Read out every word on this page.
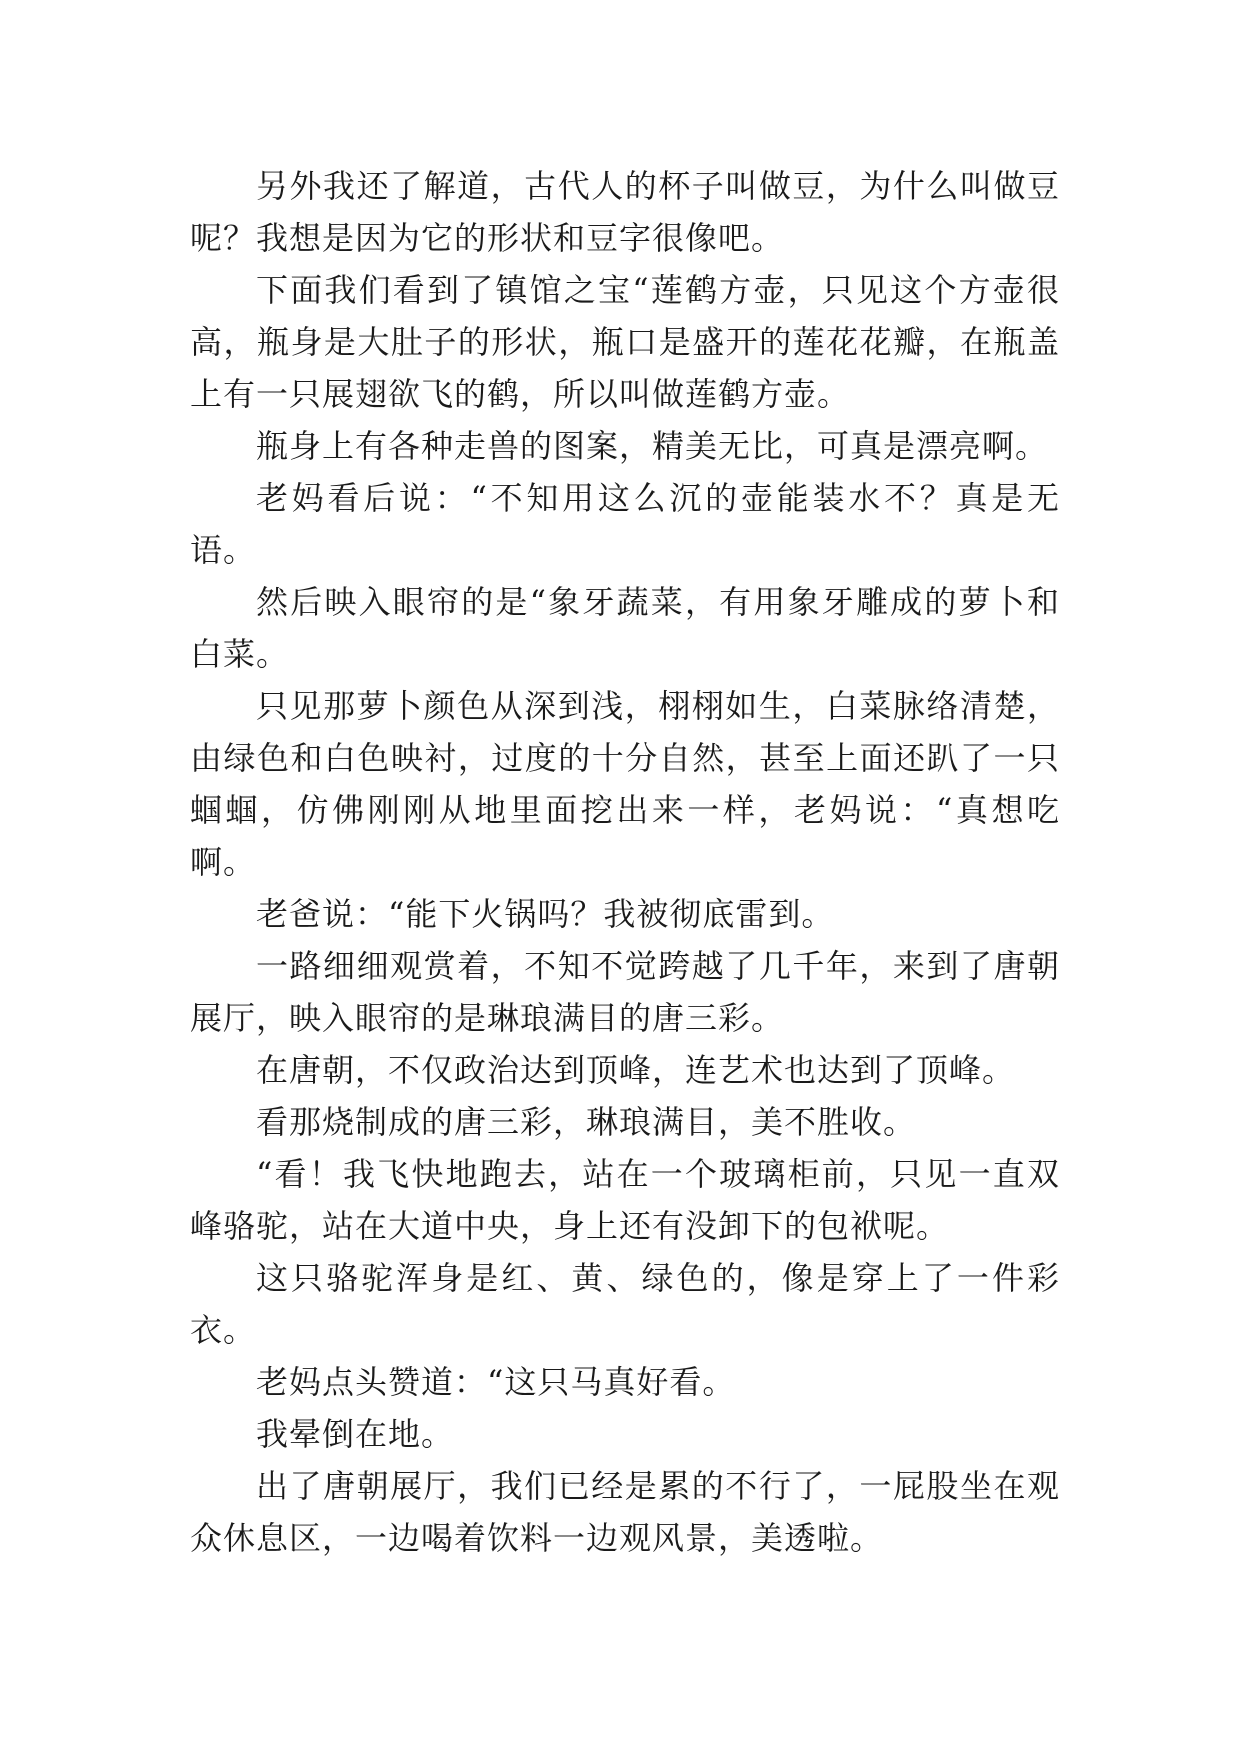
另外我还了解道，古代人的杯子叫做豆，为什么叫做豆呢？我想是因为它的形状和豆字很像吧。

下面我们看到了镇馆之宝“莲鹤方壶，只见这个方壶很高，瓶身是大肚子的形状，瓶口是盛开的莲花花瓣，在瓶盖上有一只展翅欲飞的鹤，所以叫做莲鹤方壶。

瓶身上有各种走兽的图案，精美无比，可真是漂亮啊。

老妈看后说：“不知用这么沉的壶能装水不？真是无语。

然后映入眼帘的是“象牙蔬菜，有用象牙雕成的萝卜和白菜。

只见那萝卜颜色从深到浅，栩栩如生，白菜脉络清楚，由绿色和白色映衬，过度的十分自然，甚至上面还趴了一只蝈蝈，仿佛刚刚从地里面挖出来一样，老妈说：“真想吃啊。

老爸说：“能下火锅吗？我被彻底雷到。

一路细细观赏着，不知不觉跨越了几千年，来到了唐朝展厅，映入眼帘的是琳琅满目的唐三彩。

在唐朝，不仅政治达到顶峰，连艺术也达到了顶峰。

看那烧制成的唐三彩，琳琅满目，美不胜收。

“看！我飞快地跑去，站在一个玻璃柜前，只见一直双峰骆驼，站在大道中央，身上还有没卸下的包袱呢。

这只骆驼浑身是红、黄、绿色的，像是穿上了一件彩衣。

老妈点头赞道：“这只马真好看。

我晕倒在地。

出了唐朝展厅，我们已经是累的不行了，一屁股坐在观众休息区，一边喝着饮料一边观风景，美透啦。
